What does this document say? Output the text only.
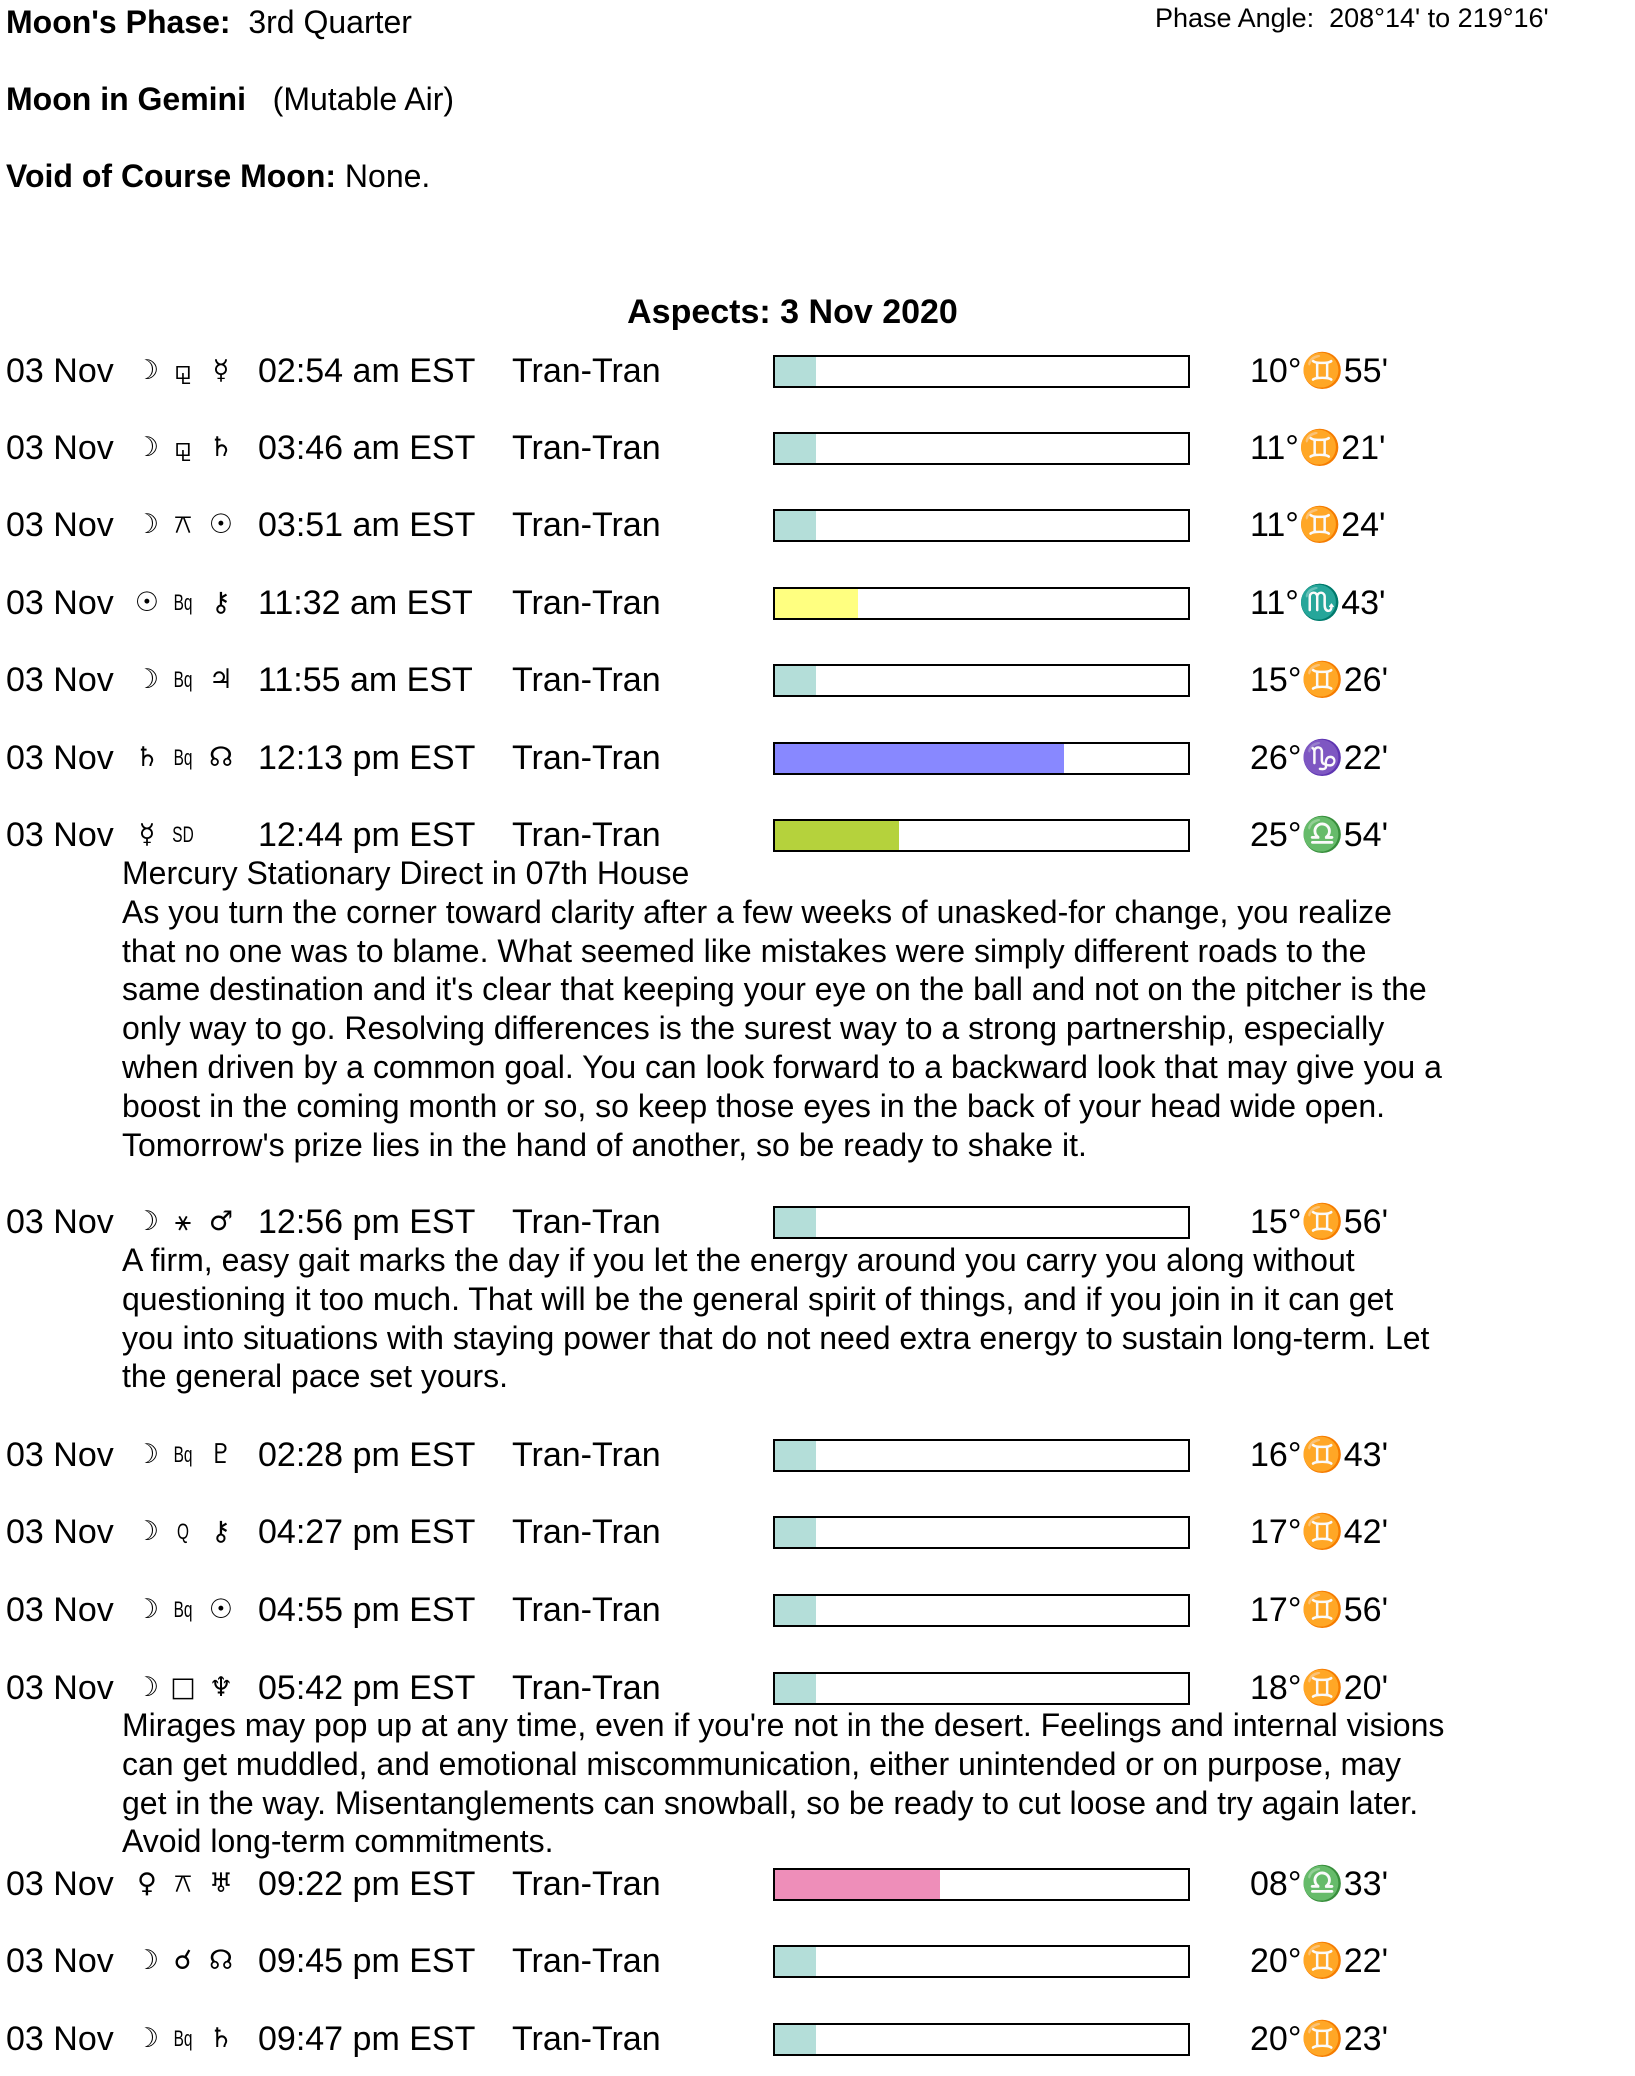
Moon's Phase: 3rd Quarter
Moon in Gemini (Mutable Air)
Void of Course Moon: None.
Phase Angle:  208°14' to 219°16'
Aspects: 3 Nov 2020
03 Nov ☽ ⚼ ☿ 02:54 am EST Tran-Tran	10°♊55'
03 Nov ☽ ⚼ ♄ 03:46 am EST Tran-Tran	11°♊21'
03 Nov ☽ ⚻ ☉ 03:51 am EST Tran-Tran	11°♊24'
03 Nov ☉ Bq ⚷ 11:32 am EST Tran-Tran	11°♏43'
03 Nov ☽ Bq ♃ 11:55 am EST Tran-Tran	15°♊26'
03 Nov ♄ Bq ☊ 12:13 pm EST Tran-Tran	26°♑22'
03 Nov ☿ SD 12:44 pm EST Tran-Tran	25°♎54'
Mercury Stationary Direct in 07th House
As you turn the corner toward clarity after a few weeks of unasked-for change, you realize
that no one was to blame. What seemed like mistakes were simply different roads to the
same destination and it's clear that keeping your eye on the ball and not on the pitcher is the
only way to go. Resolving differences is the surest way to a strong partnership, especially
when driven by a common goal. You can look forward to a backward look that may give you a
boost in the coming month or so, so keep those eyes in the back of your head wide open.
Tomorrow's prize lies in the hand of another, so be ready to shake it.
03 Nov ☽ ⚹ ♂ 12:56 pm EST Tran-Tran	15°♊56'
A firm, easy gait marks the day if you let the energy around you carry you along without
questioning it too much. That will be the general spirit of things, and if you join in it can get
you into situations with staying power that do not need extra energy to sustain long-term. Let
the general pace set yours.
03 Nov ☽ Bq ♇ 02:28 pm EST Tran-Tran	16°♊43'
03 Nov ☽ Q ⚷ 04:27 pm EST Tran-Tran	17°♊42'
03 Nov ☽ Bq ☉ 04:55 pm EST Tran-Tran	17°♊56'
03 Nov ☽ □ ♆ 05:42 pm EST Tran-Tran	18°♊20'
Mirages may pop up at any time, even if you're not in the desert. Feelings and internal visions
can get muddled, and emotional miscommunication, either unintended or on purpose, may
get in the way. Misentanglements can snowball, so be ready to cut loose and try again later.
Avoid long-term commitments.
03 Nov ♀ ⚻ ♅ 09:22 pm EST Tran-Tran	08°♎33'
03 Nov ☽ ☌ ☊ 09:45 pm EST Tran-Tran	20°♊22'
03 Nov ☽ Bq ♄ 09:47 pm EST Tran-Tran	20°♊23'
